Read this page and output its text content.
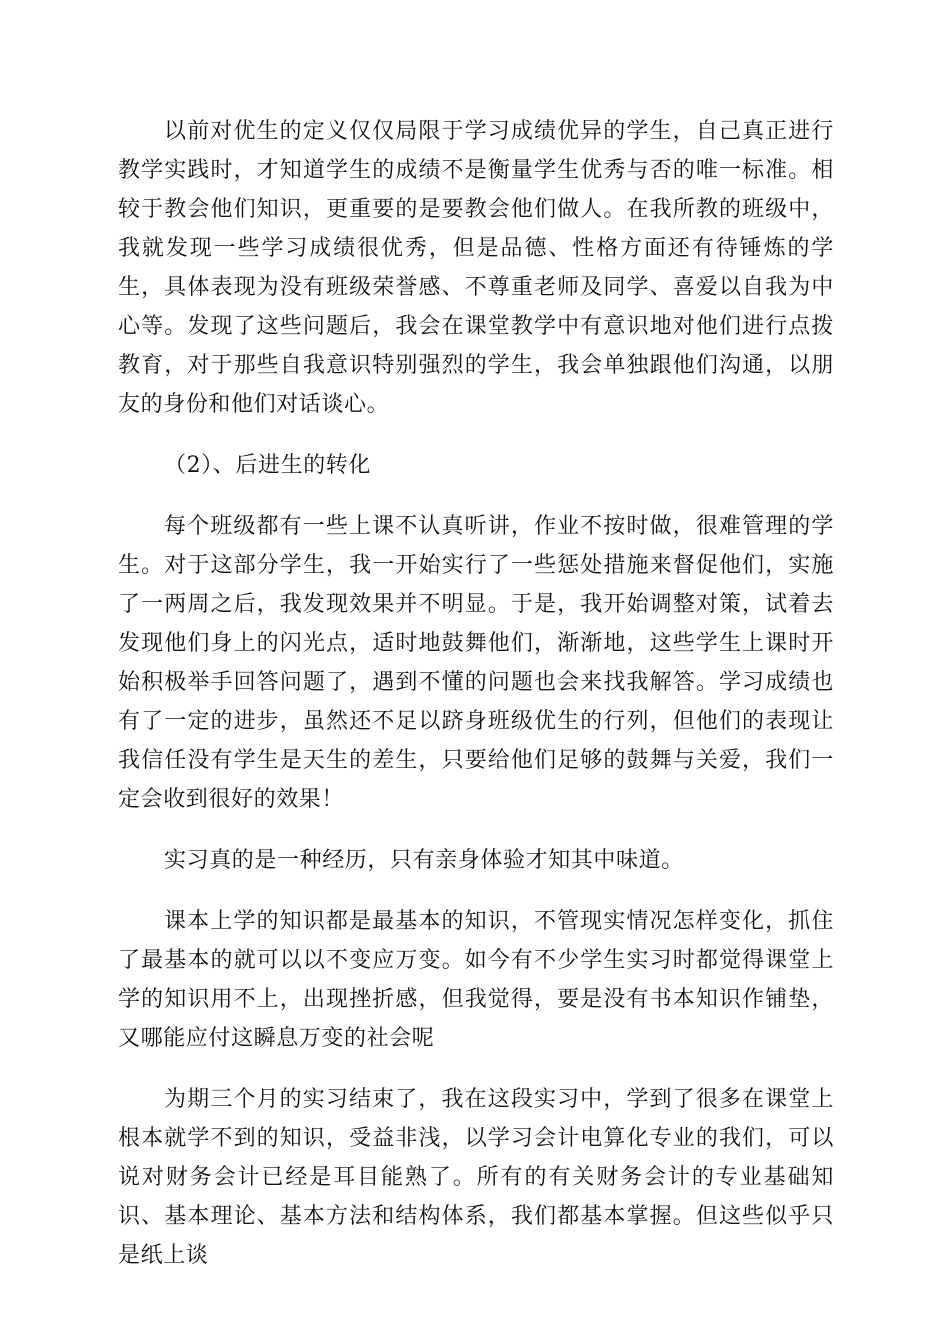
以前对优生的定义仅仅局限于学习成绩优异的学生，自己真正进行教学实践时，才知道学生的成绩不是衡量学生优秀与否的唯一标准。相较于教会他们知识，更重要的是要教会他们做人。在我所教的班级中，我就发现一些学习成绩很优秀，但是品德、性格方面还有待锤炼的学生，具体表现为没有班级荣誉感、不尊重老师及同学、喜爱以自我为中心等。发现了这些问题后，我会在课堂教学中有意识地对他们进行点拨教育，对于那些自我意识特别强烈的学生，我会单独跟他们沟通，以朋友的身份和他们对话谈心。

（2）、后进生的转化

每个班级都有一些上课不认真听讲，作业不按时做，很难管理的学生。对于这部分学生，我一开始实行了一些惩处措施来督促他们，实施了一两周之后，我发现效果并不明显。于是，我开始调整对策，试着去发现他们身上的闪光点，适时地鼓舞他们，渐渐地，这些学生上课时开始积极举手回答问题了，遇到不懂的问题也会来找我解答。学习成绩也有了一定的进步，虽然还不足以跻身班级优生的行列，但他们的表现让我信任没有学生是天生的差生，只要给他们足够的鼓舞与关爱，我们一定会收到很好的效果！

实习真的是一种经历，只有亲身体验才知其中味道。

课本上学的知识都是最基本的知识，不管现实情况怎样变化，抓住了最基本的就可以以不变应万变。如今有不少学生实习时都觉得课堂上学的知识用不上，出现挫折感，但我觉得，要是没有书本知识作铺垫，又哪能应付这瞬息万变的社会呢

为期三个月的实习结束了，我在这段实习中，学到了很多在课堂上根本就学不到的知识，受益非浅，以学习会计电算化专业的我们，可以说对财务会计已经是耳目能熟了。所有的有关财务会计的专业基础知识、基本理论、基本方法和结构体系，我们都基本掌握。但这些似乎只是纸上谈
